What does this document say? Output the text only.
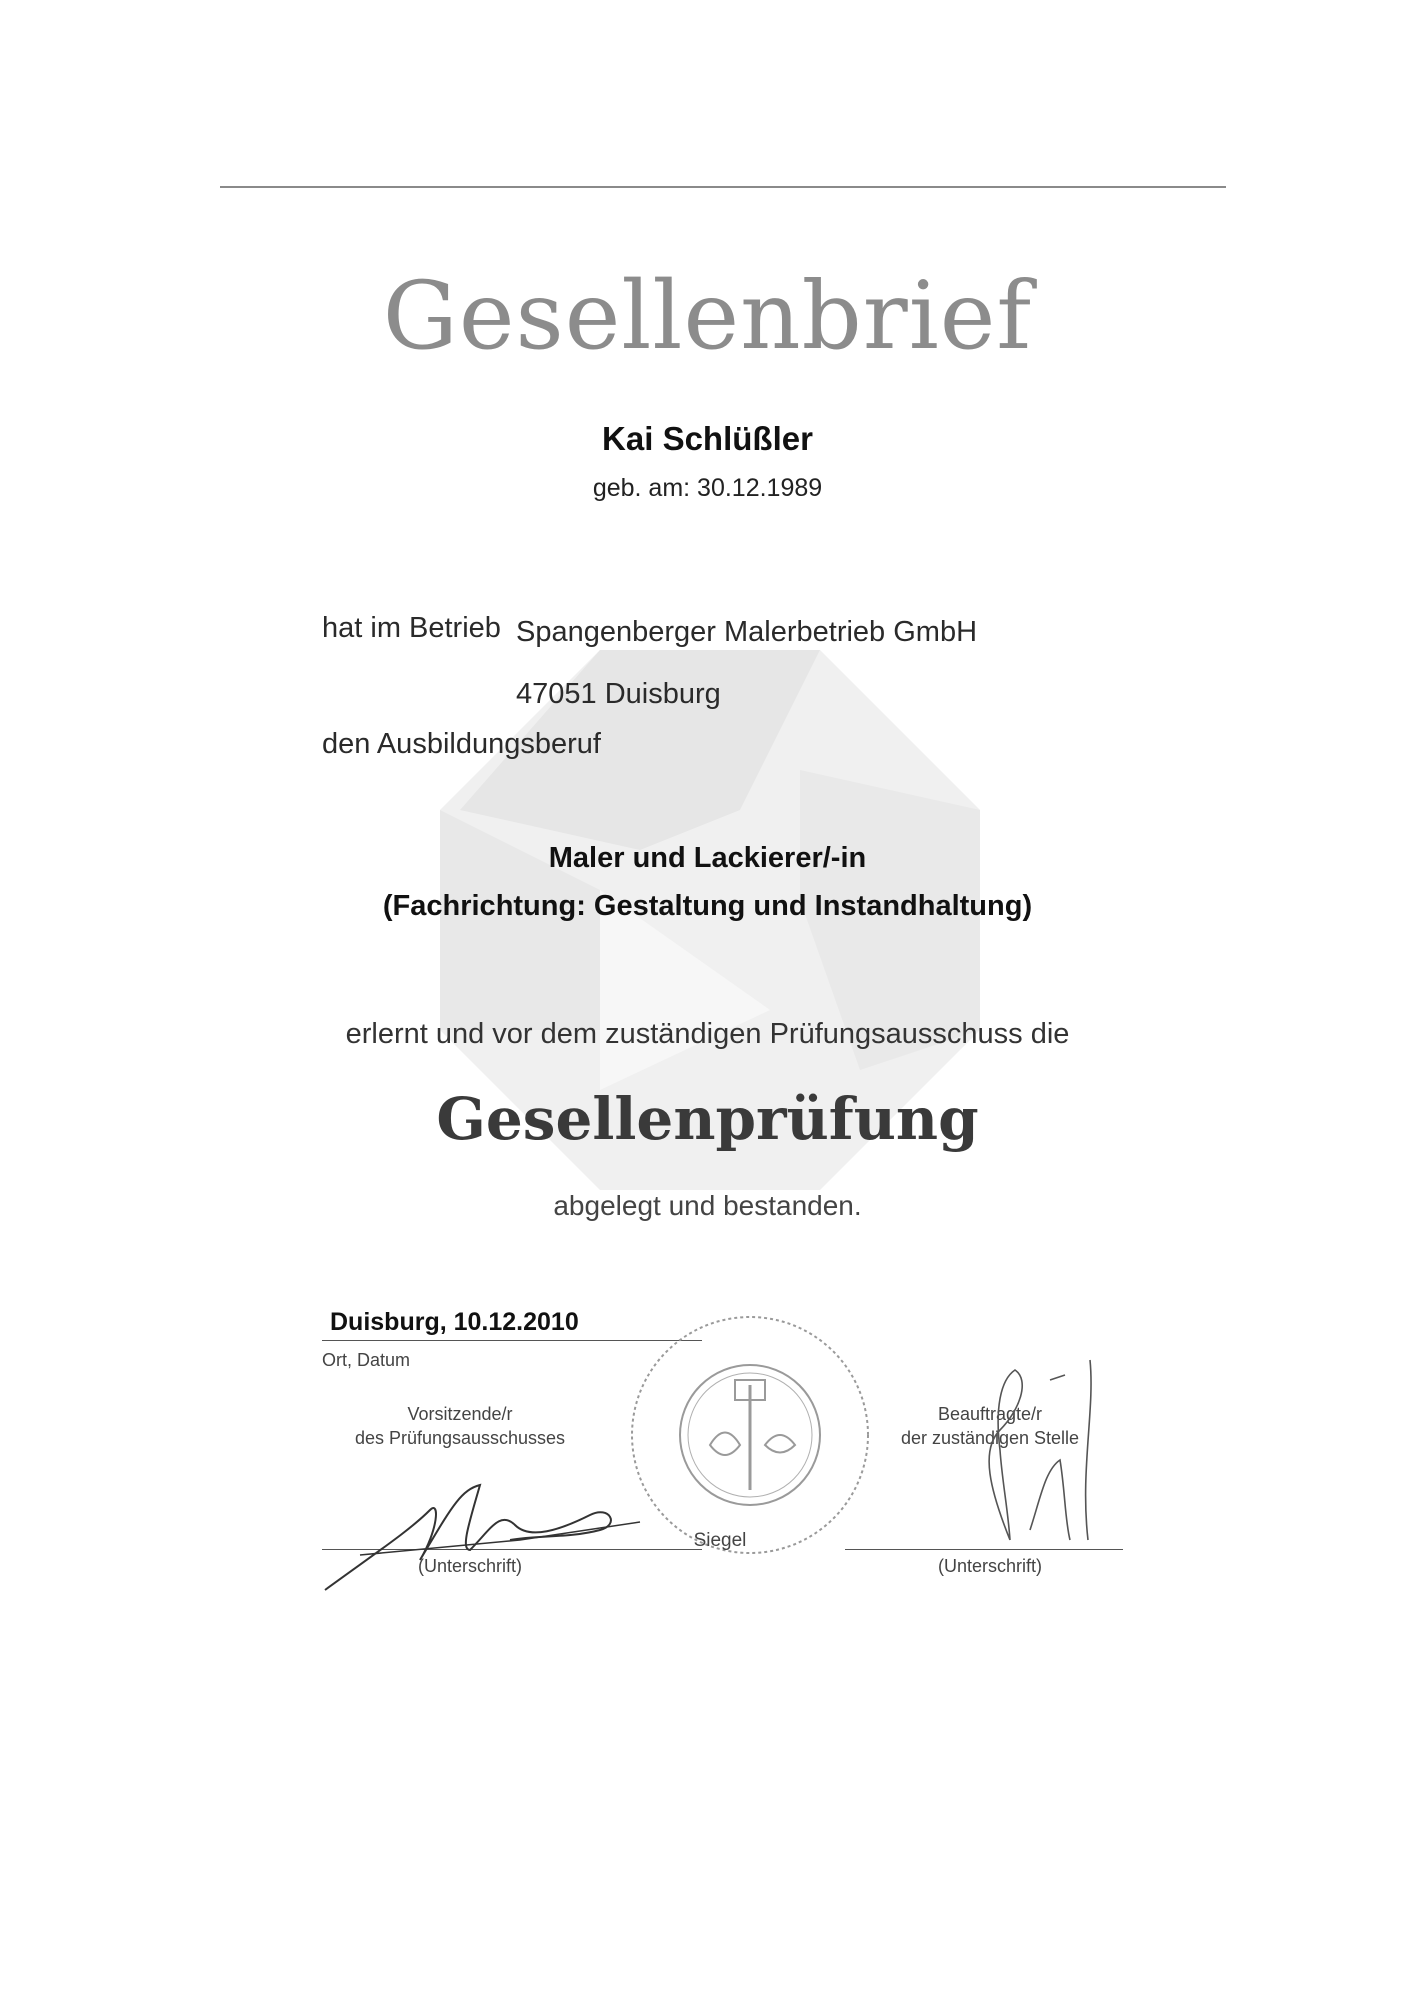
Gesellenbrief
Kai Schlüßler
geb. am: 30.12.1989
hat im Betrieb Spangenberger Malerbetrieb GmbH
47051 Duisburg
den Ausbildungsberuf
Maler und Lackierer/-in
(Fachrichtung: Gestaltung und Instandhaltung)
erlernt und vor dem zuständigen Prüfungsausschuss die
Gesellenprüfung
abgelegt und bestanden.
Duisburg, 10.12.2010
Ort, Datum
Vorsitzende/r
des Prüfungsausschusses
Beauftragte/r
der zuständigen Stelle
(Unterschrift)
Siegel
(Unterschrift)
